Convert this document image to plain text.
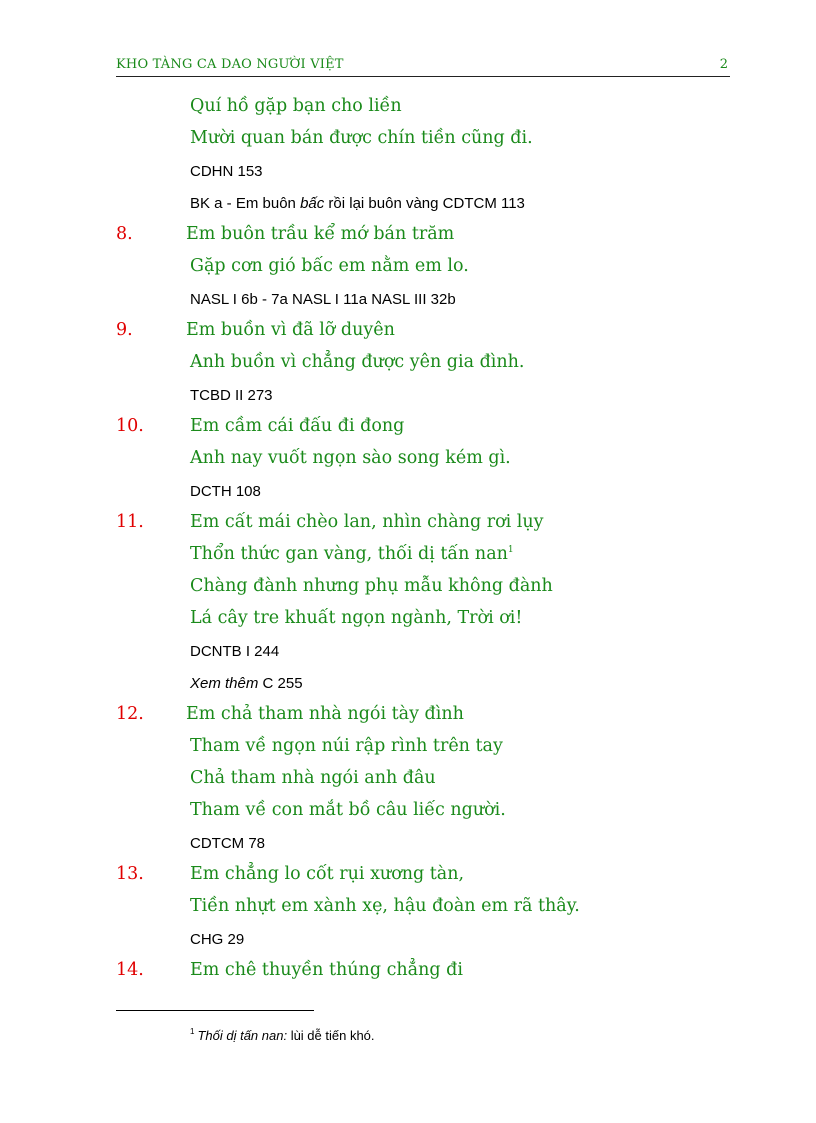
KHO TÀNG CA DAO NGƯỜI VIỆT	2
Quí hồ gặp bạn cho liền
Mười quan bán được chín tiền cũng đi.
CDHN 153
BK a - Em buôn bấc rồi lại buôn vàng CDTCM 113
8.	Em buôn trầu kể mớ bán trăm
Gặp cơn gió bấc em nằm em lo.
NASL I 6b - 7a NASL I 11a NASL III 32b
9.	Em buồn vì đã lỡ duyên
Anh buồn vì chẳng được yên gia đình.
TCBD II 273
10.	Em cầm cái đấu đi đong
Anh nay vuốt ngọn sào song kém gì.
DCTH 108
11.	Em cất mái chèo lan, nhìn chàng rơi lụy
Thổn thức gan vàng, thối dị tấn nan$^1$
Chàng đành nhưng phụ mẫu không đành
Lá cây tre khuất ngọn ngành, Trời ơi!
DCNTB I 244
Xem thêm C 255
12. Em chả tham nhà ngói tày đình
Tham về ngọn núi rập rình trên tay
Chả tham nhà ngói anh đâu
Tham về con mắt bồ câu liếc người.
CDTCM 78
13.	Em chẳng lo cốt rụi xương tàn,
Tiền nhựt em xành xẹ, hậu đoàn em rã thây.
CHG 29
14.	Em chê thuyền thúng chẳng đi
$^1$ Thối dị tấn nan: lùi dễ tiến khó.
